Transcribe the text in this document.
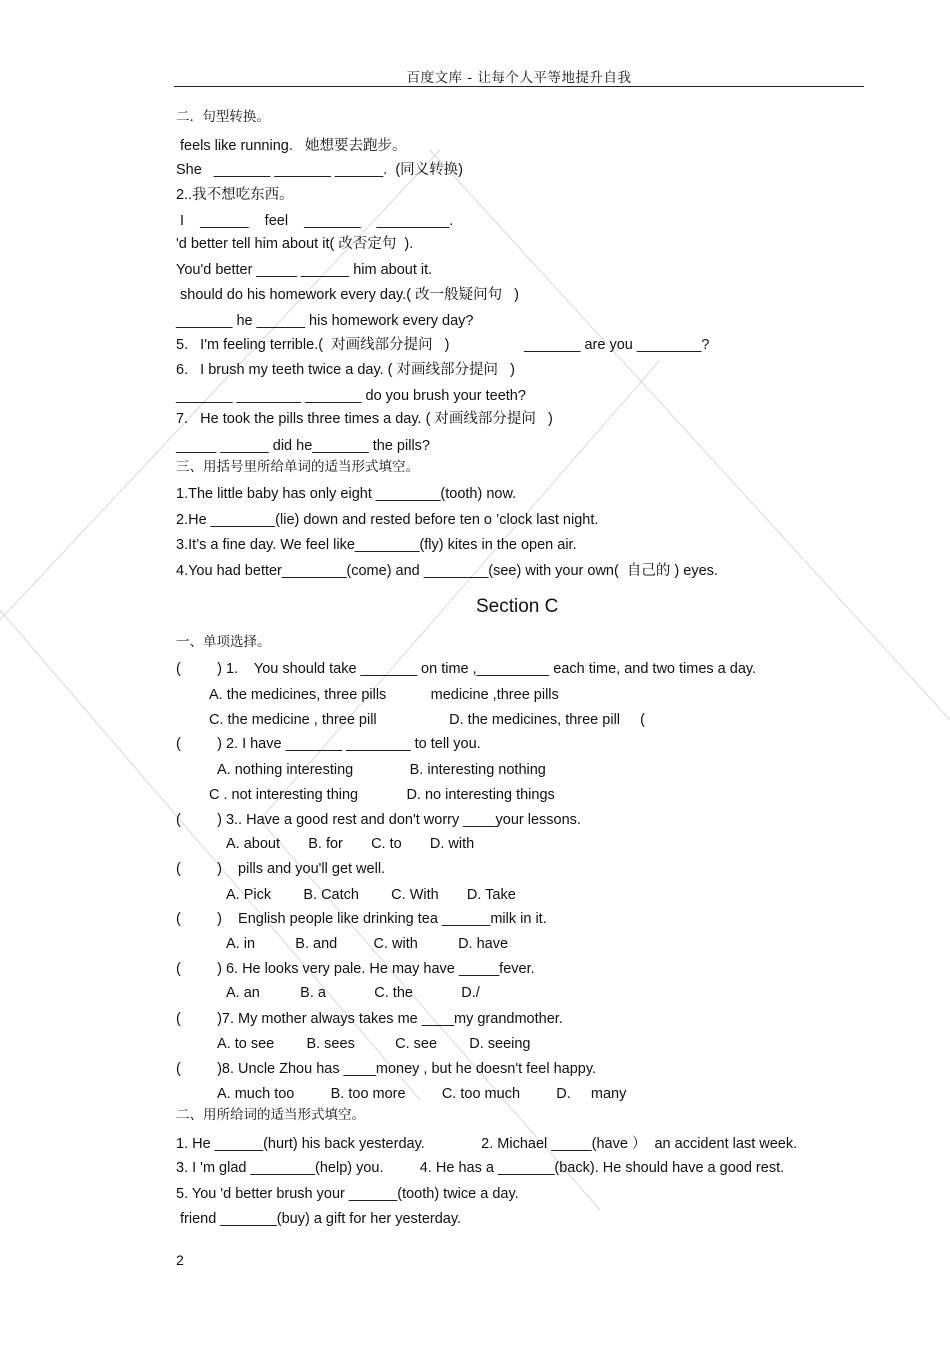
百度文库 - 让每个人平等地提升自我
二.  句型转换。
feels like running.   她想要去跑步。
She   _______ _______ ______.  (同义转换)
2..我不想吃东西。
I    ______    feel    _______    _________.
'd better tell him about it( 改否定句  ).
You'd better _____ ______ him about it.
should do his homework every day.( 改一般疑问句   )
_______ he ______ his homework every day?
5.   I'm feeling terrible.(  对画线部分提问   )	_______ are you ________?
6.   I brush my teeth twice a day. ( 对画线部分提问   )
_______ ________ _______ do you brush your teeth?
7.   He took the pills three times a day. ( 对画线部分提问   )
_____ ______ did he_______ the pills?
三、用括号里所给单词的适当形式填空。
1.The little baby has only eight ________(tooth) now.
2.He ________(lie) down and rested before ten o ’clock last night.
3.It’s a fine day. We feel like________(fly) kites in the open air.
4.You had better________(come) and ________(see) with your own(  自己的 ) eyes.
Section C
一、单项选择。
(         ) 1.    You should take _______ on time ,_________ each time, and two times a day.
A. the medicines, three pills           medicine ,three pills
C. the medicine , three pill                  D. the medicines, three pill     (
(         ) 2. I have _______ ________ to tell you.
A. nothing interesting              B. interesting nothing
C . not interesting thing            D. no interesting things
(         ) 3.. Have a good rest and don't worry ____your lessons.
A. about       B. for       C. to       D. with
(         )    pills and you'll get well.
A. Pick        B. Catch        C. With       D. Take
(         )    English people like drinking tea ______milk in it.
A. in          B. and         C. with          D. have
(         ) 6. He looks very pale. He may have _____fever.
A. an          B. a            C. the            D./
(         )7. My mother always takes me ____my grandmother.
A. to see        B. sees          C. see        D. seeing
(         )8. Uncle Zhou has ____money , but he doesn't feel happy.
A. much too         B. too more         C. too much         D.     many
二、用所给词的适当形式填空。
1. He ______(hurt) his back yesterday.              2. Michael _____(have ）  an accident last week.
3. I 'm glad ________(help) you.         4. He has a _______(back). He should have a good rest.
5. You 'd better brush your ______(tooth) twice a day.
friend _______(buy) a gift for her yesterday.
2
